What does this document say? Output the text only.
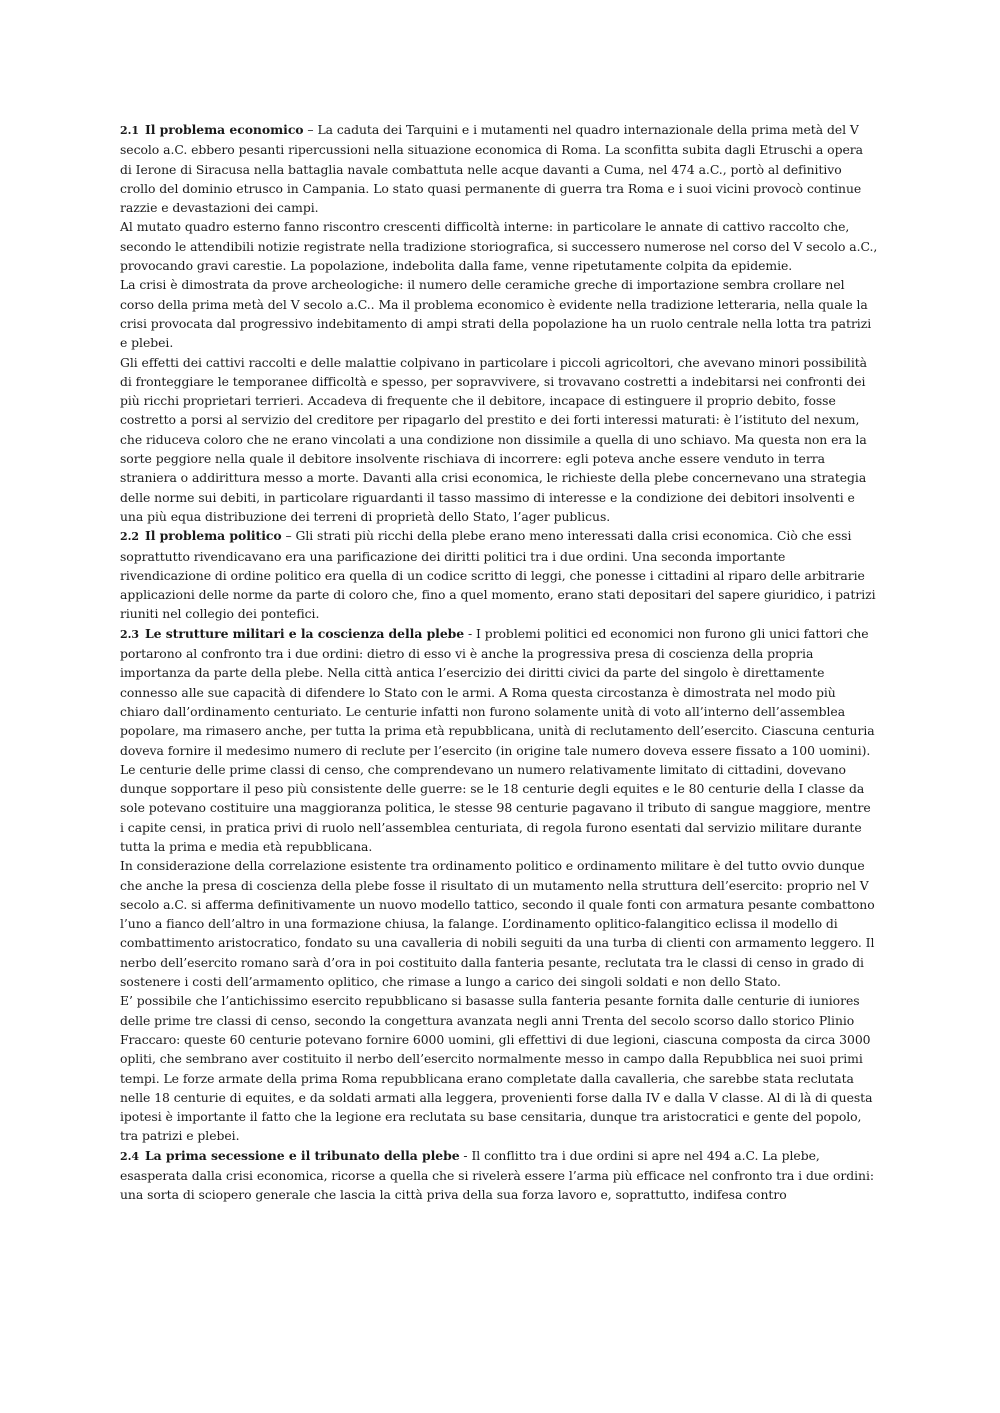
2.1 Il problema economico – La caduta dei Tarquini e i mutamenti nel quadro internazionale della prima metà del V secolo a.C. ebbero pesanti ripercussioni nella situazione economica di Roma. La sconfitta subita dagli Etruschi a opera di Ierone di Siracusa nella battaglia navale combattuta nelle acque davanti a Cuma, nel 474 a.C., portò al definitivo crollo del dominio etrusco in Campania. Lo stato quasi permanente di guerra tra Roma e i suoi vicini provocò continue razzie e devastazioni dei campi.

Al mutato quadro esterno fanno riscontro crescenti difficoltà interne: in particolare le annate di cattivo raccolto che, secondo le attendibili notizie registrate nella tradizione storiografica, si successero numerose nel corso del V secolo a.C., provocando gravi carestie. La popolazione, indebolita dalla fame, venne ripetutamente colpita da epidemie.

La crisi è dimostrata da prove archeologiche: il numero delle ceramiche greche di importazione sembra crollare nel corso della prima metà del V secolo a.C.. Ma il problema economico è evidente nella tradizione letteraria, nella quale la crisi provocata dal progressivo indebitamento di ampi strati della popolazione ha un ruolo centrale nella lotta tra patrizi e plebei.

Gli effetti dei cattivi raccolti e delle malattie colpivano in particolare i piccoli agricoltori, che avevano minori possibilità di fronteggiare le temporanee difficoltà e spesso, per sopravvivere, si trovavano costretti a indebitarsi nei confronti dei più ricchi proprietari terrieri. Accadeva di frequente che il debitore, incapace di estinguere il proprio debito, fosse costretto a porsi al servizio del creditore per ripagarlo del prestito e dei forti interessi maturati: è l’istituto del nexum, che riduceva coloro che ne erano vincolati a una condizione non dissimile a quella di uno schiavo. Ma questa non era la sorte peggiore nella quale il debitore insolvente rischiava di incorrere: egli poteva anche essere venduto in terra straniera o addirittura messo a morte. Davanti alla crisi economica, le richieste della plebe concernevano una strategia delle norme sui debiti, in particolare riguardanti il tasso massimo di interesse e la condizione dei debitori insolventi e una più equa distribuzione dei terreni di proprietà dello Stato, l’ager publicus.

2.2 Il problema politico – Gli strati più ricchi della plebe erano meno interessati dalla crisi economica. Ciò che essi soprattutto rivendicavano era una parificazione dei diritti politici tra i due ordini. Una seconda importante rivendicazione di ordine politico era quella di un codice scritto di leggi, che ponesse i cittadini al riparo delle arbitrarie applicazioni delle norme da parte di coloro che, fino a quel momento, erano stati depositari del sapere giuridico, i patrizi riuniti nel collegio dei pontefici.

2.3 Le strutture militari e la coscienza della plebe - I problemi politici ed economici non furono gli unici fattori che portarono al confronto tra i due ordini: dietro di esso vi è anche la progressiva presa di coscienza della propria importanza da parte della plebe. Nella città antica l’esercizio dei diritti civici da parte del singolo è direttamente connesso alle sue capacità di difendere lo Stato con le armi. A Roma questa circostanza è dimostrata nel modo più chiaro dall’ordinamento centuriato. Le centurie infatti non furono solamente unità di voto all’interno dell’assemblea popolare, ma rimasero anche, per tutta la prima età repubblicana, unità di reclutamento dell’esercito. Ciascuna centuria doveva fornire il medesimo numero di reclute per l’esercito (in origine tale numero doveva essere fissato a 100 uomini). Le centurie delle prime classi di censo, che comprendevano un numero relativamente limitato di cittadini, dovevano dunque sopportare il peso più consistente delle guerre: se le 18 centurie degli equites e le 80 centurie della I classe da sole potevano costituire una maggioranza politica, le stesse 98 centurie pagavano il tributo di sangue maggiore, mentre i capite censi, in pratica privi di ruolo nell’assemblea centuriata, di regola furono esentati dal servizio militare durante tutta la prima e media età repubblicana.

In considerazione della correlazione esistente tra ordinamento politico e ordinamento militare è del tutto ovvio dunque che anche la presa di coscienza della plebe fosse il risultato di un mutamento nella struttura dell’esercito: proprio nel V secolo a.C. si afferma definitivamente un nuovo modello tattico, secondo il quale fonti con armatura pesante combattono l’uno a fianco dell’altro in una formazione chiusa, la falange. L’ordinamento oplitico-falangitico eclissa il modello di combattimento aristocratico, fondato su una cavalleria di nobili seguiti da una turba di clienti con armamento leggero. Il nerbo dell’esercito romano sarà d’ora in poi costituito dalla fanteria pesante, reclutata tra le classi di censo in grado di sostenere i costi dell’armamento oplitico, che rimase a lungo a carico dei singoli soldati e non dello Stato.

E’ possibile che l’antichissimo esercito repubblicano si basasse sulla fanteria pesante fornita dalle centurie di iuniores delle prime tre classi di censo, secondo la congettura avanzata negli anni Trenta del secolo scorso dallo storico Plinio Fraccaro: queste 60 centurie potevano fornire 6000 uomini, gli effettivi di due legioni, ciascuna composta da circa 3000 opliti, che sembrano aver costituito il nerbo dell’esercito normalmente messo in campo dalla Repubblica nei suoi primi tempi. Le forze armate della prima Roma repubblicana erano completate dalla cavalleria, che sarebbe stata reclutata nelle 18 centurie di equites, e da soldati armati alla leggera, provenienti forse dalla IV e dalla V classe. Al di là di questa ipotesi è importante il fatto che la legione era reclutata su base censitaria, dunque tra aristocratici e gente del popolo, tra patrizi e plebei.

2.4 La prima secessione e il tribunato della plebe - Il conflitto tra i due ordini si apre nel 494 a.C. La plebe, esasperata dalla crisi economica, ricorse a quella che si rivelerà essere l’arma più efficace nel confronto tra i due ordini: una sorta di sciopero generale che lascia la città priva della sua forza lavoro e, soprattutto, indifesa contro
